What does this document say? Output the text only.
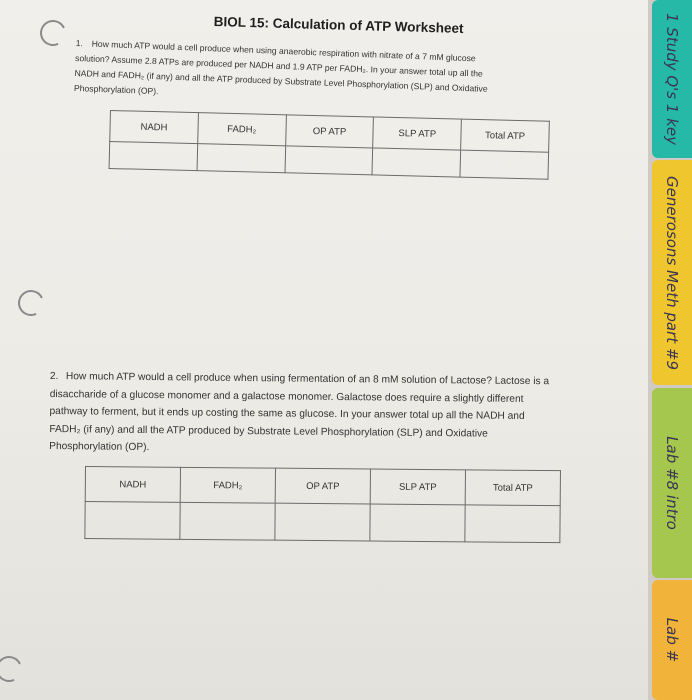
BIOL 15: Calculation of ATP Worksheet
1. How much ATP would a cell produce when using anaerobic respiration with nitrate of a 7 mM glucose
solution? Assume 2.8 ATPs are produced per NADH and 1.9 ATP per FADH₂. In your answer total up all the
NADH and FADH₂ (if any) and all the ATP produced by Substrate Level Phosphorylation (SLP) and Oxidative
Phosphorylation (OP).
NADH	FADH₂	OP ATP	SLP ATP	Total ATP

2. How much ATP would a cell produce when using fermentation of an 8 mM solution of Lactose? Lactose is a
disaccharide of a glucose monomer and a galactose monomer. Galactose does require a slightly different
pathway to ferment, but it ends up costing the same as glucose. In your answer total up all the NADH and
FADH₂ (if any) and all the ATP produced by Substrate Level Phosphorylation (SLP) and Oxidative
Phosphorylation (OP).
NADH	FADH₂	OP ATP	SLP ATP	Total ATP

1 Study Q's 1 key
Generosons Meth part #9
Lab #8 intro
Lab #
